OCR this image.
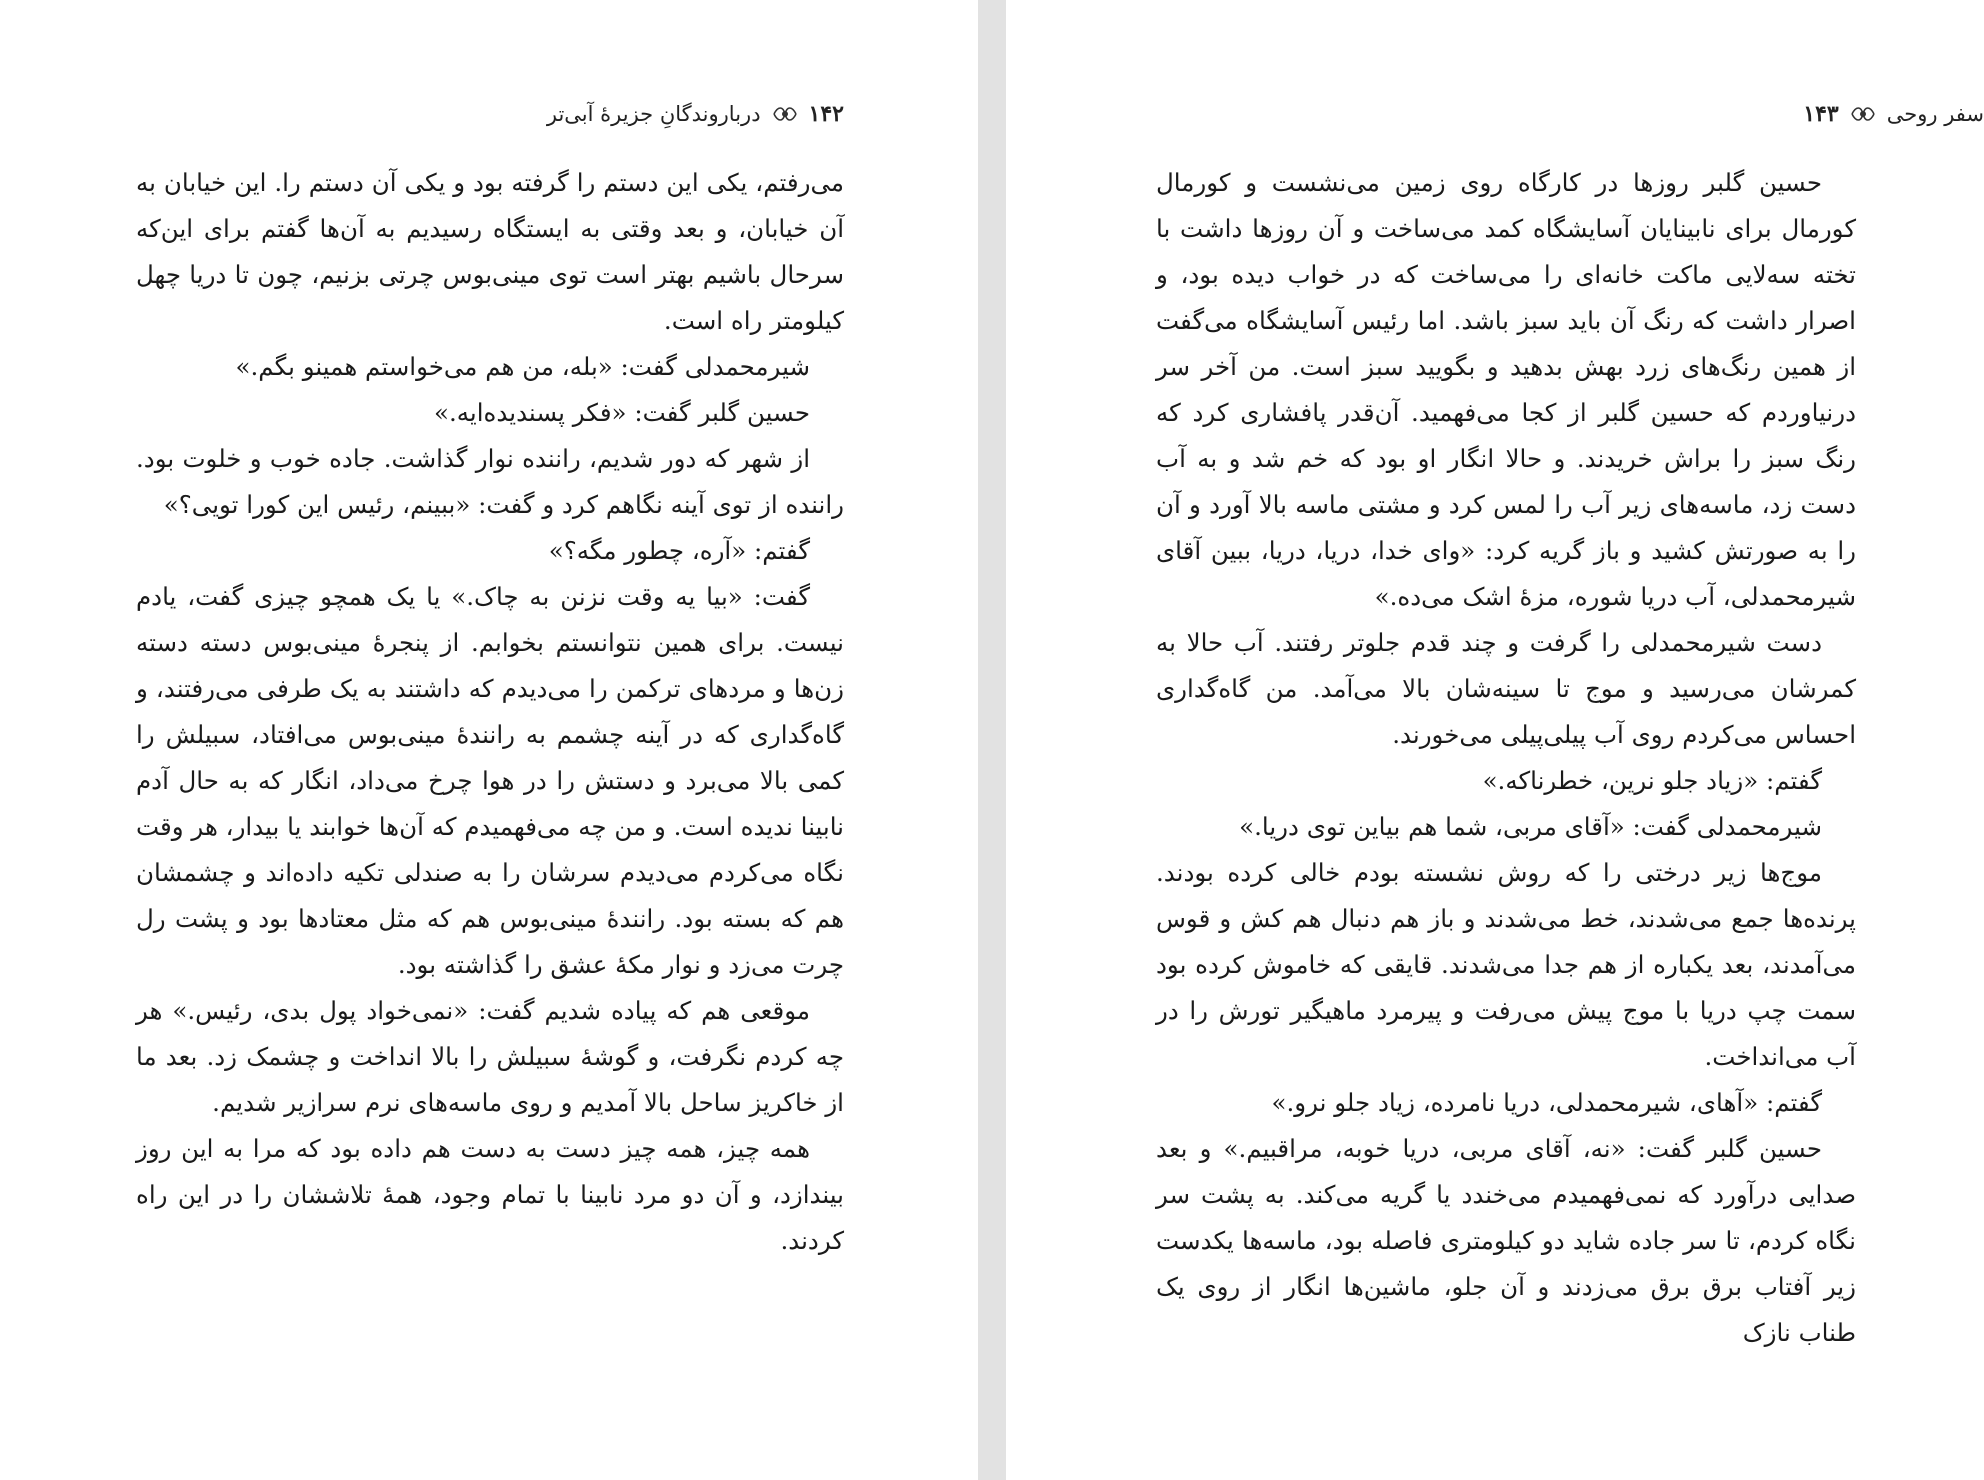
۱۴۲
درباروندگانِ جزیرهٔ آبی‌تر

می‌رفتم، یکی این دستم را گرفته بود و یکی آن دستم را. این خیابان به آن خیابان، و بعد وقتی به ایستگاه رسیدیم به آن‌ها گفتم برای این‌که سرحال باشیم بهتر است توی مینی‌بوس چرتی بزنیم، چون تا دریا چهل کیلومتر راه است.

شیرمحمدلی گفت: «بله، من هم می‌خواستم همینو بگم.»

حسین گلبر گفت: «فکر پسندیده‌ایه.»

از شهر که دور شدیم، راننده نوار گذاشت. جاده خوب و خلوت بود. راننده از توی آینه نگاهم کرد و گفت: «ببینم، رئیس این کورا تویی؟»

گفتم: «آره، چطور مگه؟»

گفت: «بیا یه وقت نزنن به چاک.» یا یک همچو چیزی گفت، یادم نیست. برای همین نتوانستم بخوابم. از پنجرهٔ مینی‌بوس دسته دسته زن‌ها و مردهای ترکمن را می‌دیدم که داشتند به یک طرفی می‌رفتند، و گاه‌گداری که در آینه چشمم به رانندهٔ مینی‌بوس می‌افتاد، سبیلش را کمی بالا می‌برد و دستش را در هوا چرخ می‌داد، انگار که به حال آدم نابینا ندیده است. و من چه می‌فهمیدم که آن‌ها خوابند یا بیدار، هر وقت نگاه می‌کردم می‌دیدم سرشان را به صندلی تکیه داده‌اند و چشمشان هم که بسته بود. رانندهٔ مینی‌بوس هم که مثل معتادها بود و پشت رل چرت می‌زد و نوار مکهٔ عشق را گذاشته بود.

موقعی هم که پیاده شدیم گفت: «نمی‌خواد پول بدی، رئیس.» هر چه کردم نگرفت، و گوشهٔ سبیلش را بالا انداخت و چشمک زد. بعد ما از خاکریز ساحل بالا آمدیم و روی ماسه‌های نرم سرازیر شدیم.

همه چیز، همه چیز دست به دست هم داده بود که مرا به این روز بیندازد، و آن دو مرد نابینا با تمام وجود، همهٔ تلاششان را در این راه کردند.

سفر روحی
۱۴۳

حسین گلبر روزها در کارگاه روی زمین می‌نشست و کورمال کورمال برای نابینایان آسایشگاه کمد می‌ساخت و آن روزها داشت با تخته سه‌لایی ماکت خانه‌ای را می‌ساخت که در خواب دیده بود، و اصرار داشت که رنگ آن باید سبز باشد. اما رئیس آسایشگاه می‌گفت از همین رنگ‌های زرد بهش بدهید و بگویید سبز است. من آخر سر درنیاوردم که حسین گلبر از کجا می‌فهمید. آن‌قدر پافشاری کرد که رنگ سبز را براش خریدند. و حالا انگار او بود که خم شد و به آب دست زد، ماسه‌های زیر آب را لمس کرد و مشتی ماسه بالا آورد و آن را به صورتش کشید و باز گریه کرد: «وای خدا، دریا، دریا، ببین آقای شیرمحمدلی، آب دریا شوره، مزهٔ اشک می‌ده.»

دست شیرمحمدلی را گرفت و چند قدم جلوتر رفتند. آب حالا به کمرشان می‌رسید و موج تا سینه‌شان بالا می‌آمد. من گاه‌گداری احساس می‌کردم روی آب پیلی‌پیلی می‌خورند.

گفتم: «زیاد جلو نرین، خطرناکه.»

شیرمحمدلی گفت: «آقای مربی، شما هم بیاین توی دریا.»

موج‌ها زیر درختی را که روش نشسته بودم خالی کرده بودند. پرنده‌ها جمع می‌شدند، خط می‌شدند و باز هم دنبال هم کش و قوس می‌آمدند، بعد یکباره از هم جدا می‌شدند. قایقی که خاموش کرده بود سمت چپ دریا با موج پیش می‌رفت و پیرمرد ماهیگیر تورش را در آب می‌انداخت.

گفتم: «آهای، شیرمحمدلی، دریا نامرده، زیاد جلو نرو.»

حسین گلبر گفت: «نه، آقای مربی، دریا خوبه، مراقبیم.» و بعد صدایی درآورد که نمی‌فهمیدم می‌خندد یا گریه می‌کند. به پشت سر نگاه کردم، تا سر جاده شاید دو کیلومتری فاصله بود، ماسه‌ها یکدست زیر آفتاب برق برق می‌زدند و آن جلو، ماشین‌ها انگار از روی یک طناب نازک
